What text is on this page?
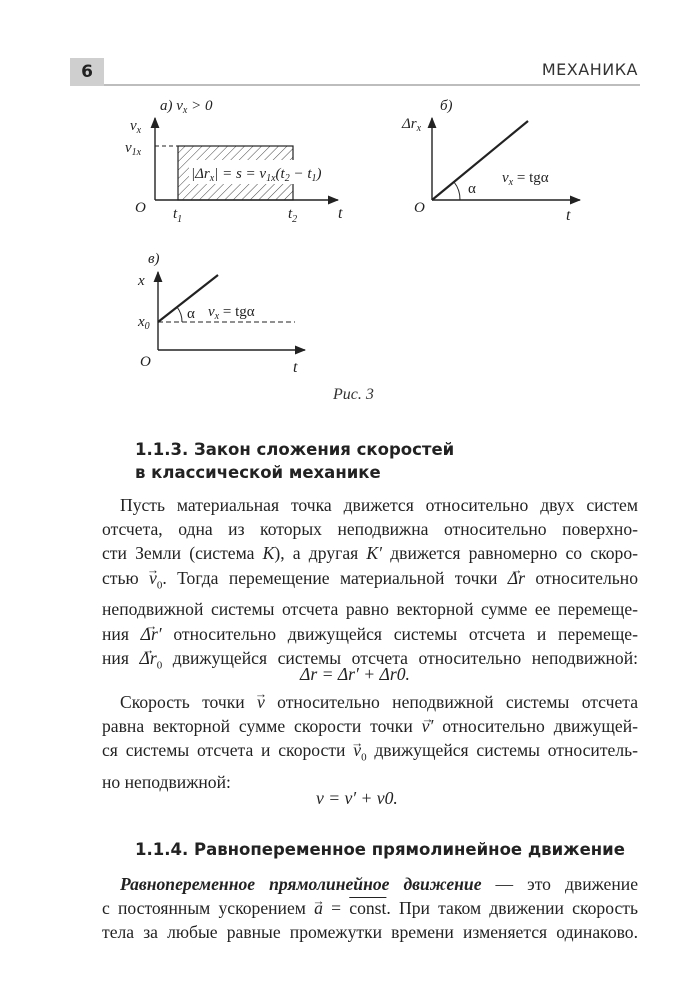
6	МЕХАНИКА
a) $v_x > 0$
$v_x$
$v_{1x}$
$|\Delta r_x| = s = v_{1x}(t_2 - t_1)$
O	t
$t_1$	$t_2$
б)
$\Delta r_x$
α
$v_x = tg\alpha$
O	t
в)
x
$x_0$
α $v_x = tg\alpha$
O	t
Рис. 3
1.1.3. Закон сложения скоростей
в классической механике
Пусть материальная точка движется относительно двух систем
отсчета, одна из которых неподвижна относительно поверхно-
сти Земли (система K), а другая K′ движется равномерно со скоро-
стью → $v_0$. Тогда перемещение материальной точки → Δr относительно
неподвижной системы отсчета равно векторной сумме ее перемеще-
ния → Δr′ относительно движущейся системы отсчета и перемеще-
ния → $\Delta r_0$ движущейся системы отсчета относительно неподвижной:
Δr = Δr′ + Δr0.
Скорость точки → v относительно неподвижной системы отсчета
равна векторной сумме скорости точки → v′ относительно движущей-
ся системы отсчета и скорости → $v_0$ движущейся системы относитель-
но неподвижной:
v = v′ + v0.
1.1.4. Равнопеременное прямолинейное движение
Равнопеременное прямолинейное движение — это движение
с постоянным ускорением → a = const. При таком движении скорость
тела за любые равные промежутки времени изменяется одинаково.
